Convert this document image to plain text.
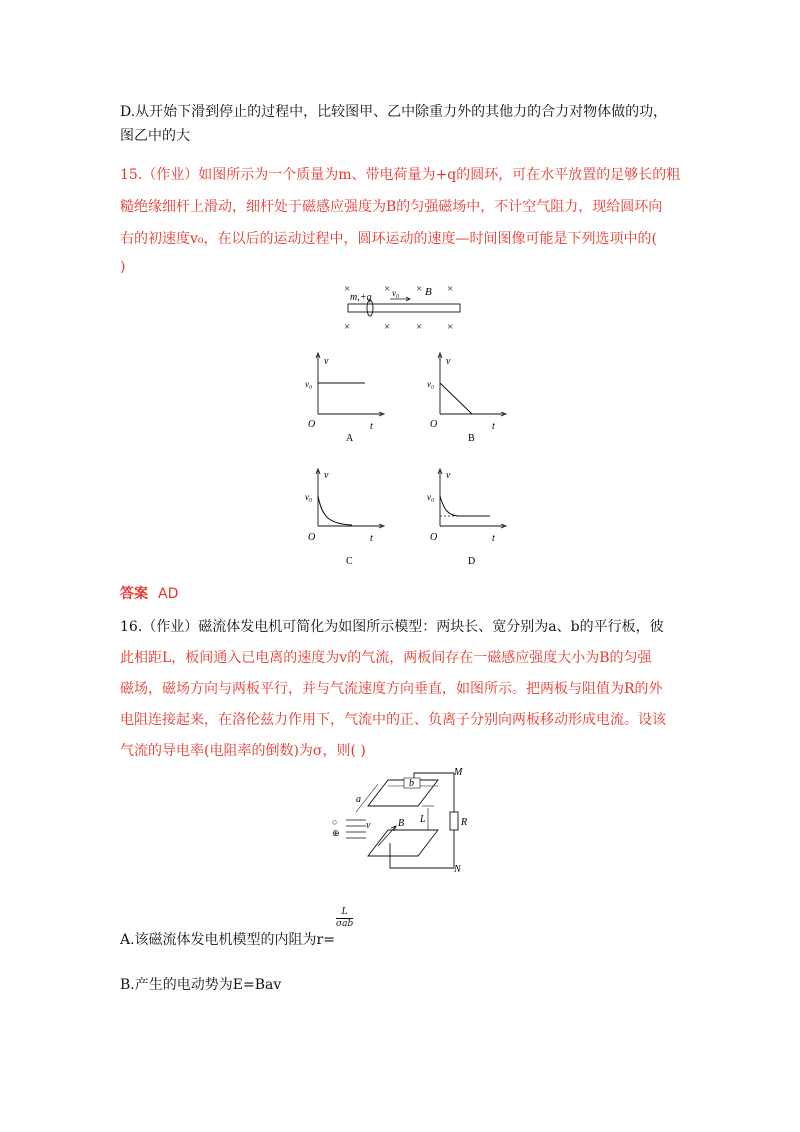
D.从开始下滑到停止的过程中，比较图甲、乙中除重力外的其他力的合力对物体做的功，
图乙中的大
15.（作业）如图所示为一个质量为m、带电荷量为+q的圆环，可在水平放置的足够长的粗
糙绝缘细杆上滑动，细杆处于磁感应强度为B的匀强磁场中，不计空气阻力，现给圆环向
右的初速度v₀，在以后的运动过程中，圆环运动的速度—时间图像可能是下列选项中的(
)
×	× × ×
×	× × ×
m,+q v₀ B
v
v₀
O	t
A
v
v₀
O	t
B
v
v₀
O	t
C
v
v₀
O	t
D
答案 AD
16.（作业）磁流体发电机可简化为如图所示模型：两块长、宽分别为a、b的平行板，彼
此相距L，板间通入已电离的速度为v的气流，两板间存在一磁感应强度大小为B的匀强
磁场，磁场方向与两板平行，并与气流速度方向垂直，如图所示。把两板与阻值为R的外
电阻连接起来，在洛伦兹力作用下，气流中的正、负离子分别向两板移动形成电流。设该
气流的导电率(电阻率的倒数)为σ，则( )
b
a
L
○
⊕
v	B
M
R
N
A.该磁流体发电机模型的内阻为r=
L
σab
B.产生的电动势为E=Bav
